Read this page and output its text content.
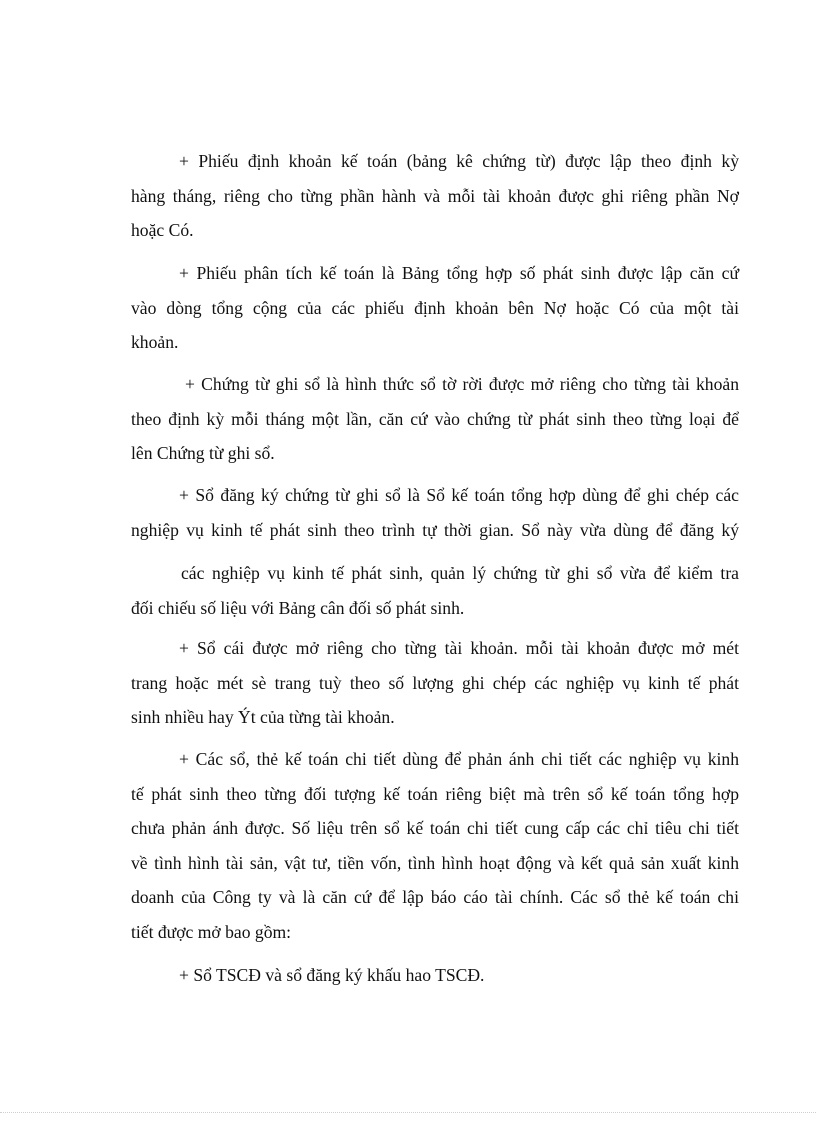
+ Phiếu định khoản kế toán (bảng kê chứng từ) được lập theo định kỳ
hàng tháng, riêng cho từng phần hành và mỗi tài khoản được ghi riêng phần Nợ
hoặc Có.
+ Phiếu phân tích kế toán là Bảng tổng hợp số phát sinh được lập căn cứ
vào dòng tổng cộng của các phiếu định khoản bên Nợ hoặc Có của một tài
khoản.
+ Chứng từ ghi sổ là hình thức sổ tờ rời được mở riêng cho từng tài khoản
theo định kỳ mỗi tháng một lần, căn cứ vào chứng từ phát sinh theo từng loại để
lên Chứng từ ghi sổ.
+ Sổ đăng ký chứng từ ghi sổ là Sổ kế toán tổng hợp dùng để ghi chép các
nghiệp vụ kinh tế phát sinh theo trình tự thời gian. Sổ này vừa dùng để đăng ký
các nghiệp vụ kinh tế phát sinh, quản lý chứng từ ghi sổ vừa để kiểm tra
đối chiếu số liệu với Bảng cân đối số phát sinh.
+ Sổ cái được mở riêng cho từng tài khoản. mỗi tài khoản được mở mét
trang hoặc mét sè trang tuỳ theo số lượng ghi chép các nghiệp vụ kinh tế phát
sinh nhiều hay Ýt của từng tài khoản.
+ Các sổ, thẻ kế toán chi tiết dùng để phản ánh chi tiết các nghiệp vụ kinh
tế phát sinh theo từng đối tượng kế toán riêng biệt mà trên sổ kế toán tổng hợp
chưa phản ánh được. Số liệu trên sổ kế toán chi tiết cung cấp các chỉ tiêu chi tiết
về tình hình tài sản, vật tư, tiền vốn, tình hình hoạt động và kết quả sản xuất kinh
doanh của Công ty và là căn cứ để lập báo cáo tài chính. Các sổ thẻ kế toán chi
tiết được mở bao gồm:
+ Sổ TSCĐ và sổ đăng ký khấu hao TSCĐ.
